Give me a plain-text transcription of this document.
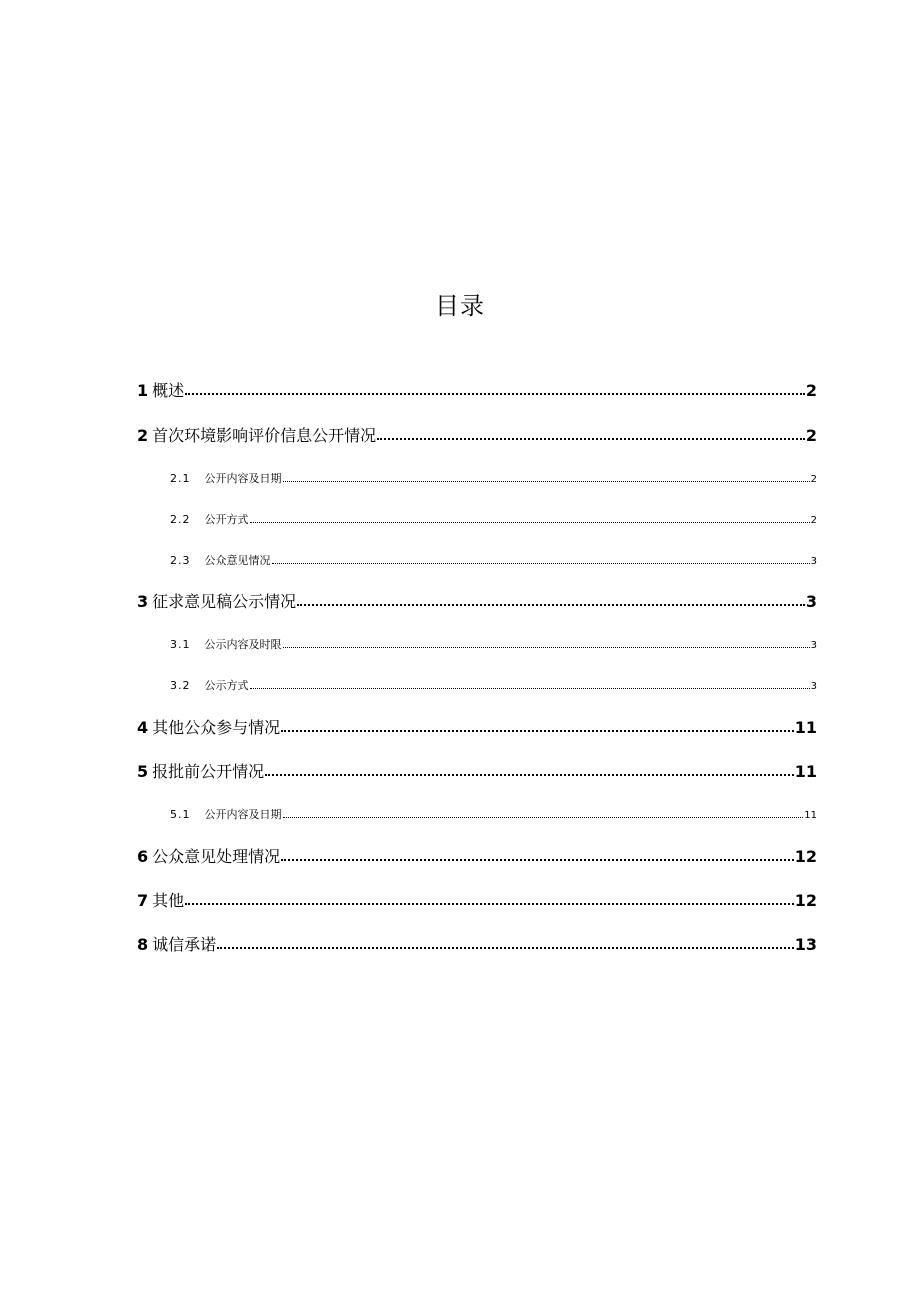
目录
1 概述	2
2 首次环境影响评价信息公开情况	2
2.1 公开内容及日期	2
2.2 公开方式	2
2.3 公众意见情况	3
3 征求意见稿公示情况	3
3.1 公示内容及时限	3
3.2 公示方式	3
4 其他公众参与情况	11
5 报批前公开情况	11
5.1 公开内容及日期	11
6 公众意见处理情况	12
7 其他	12
8 诚信承诺	13
